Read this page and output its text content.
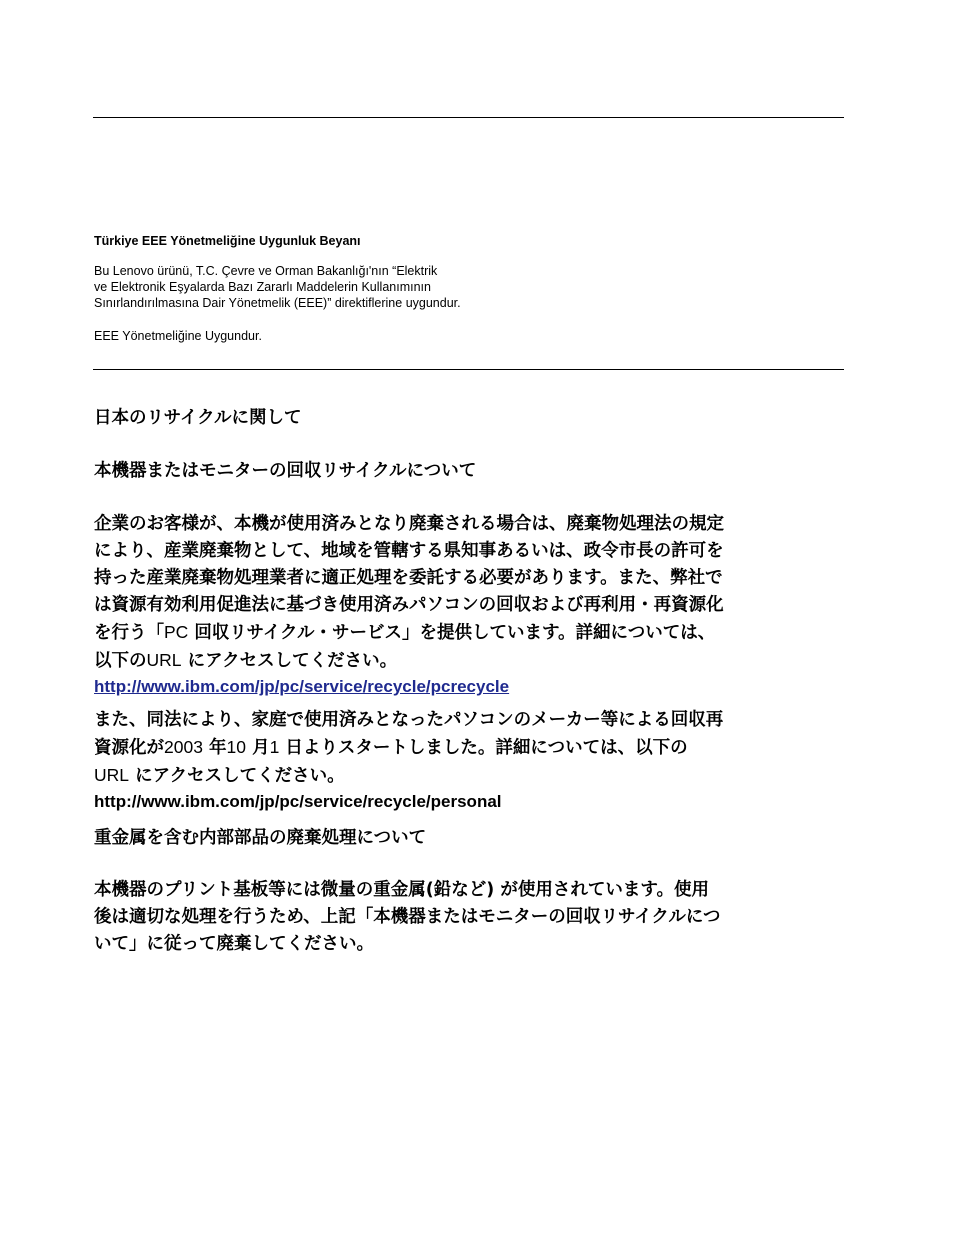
Türkiye EEE Yönetmeliğine Uygunluk Beyanı
Bu Lenovo ürünü, T.C. Çevre ve Orman Bakanlığı'nın “Elektrik
ve Elektronik Eşyalarda Bazı Zararlı Maddelerin Kullanımının
Sınırlandırılmasına Dair Yönetmelik (EEE)” direktiflerine uygundur.
EEE Yönetmeliğine Uygundur.
日本のリサイクルに関して
本機器またはモニターの回収リサイクルについて
企業のお客様が、本機が使用済みとなり廃棄される場合は、廃棄物処理法の規定
により、産業廃棄物として、地域を管轄する県知事あるいは、政令市長の許可を
持った産業廃棄物処理業者に適正処理を委託する必要があります。また、弊社で
は資源有効利用促進法に基づき使用済みパソコンの回収および再利用・再資源化
を行う「PC 回収リサイクル・サービス」を提供しています。詳細については、
以下のURL にアクセスしてください。
http://www.ibm.com/jp/pc/service/recycle/pcrecycle
また、同法により、家庭で使用済みとなったパソコンのメーカー等による回収再
資源化が2003 年10 月1 日よりスタートしました。詳細については、以下の
URL にアクセスしてください。
http://www.ibm.com/jp/pc/service/recycle/personal
重金属を含む内部部品の廃棄処理について
本機器のプリント基板等には微量の重金属(鉛など) が使用されています。使用
後は適切な処理を行うため、上記「本機器またはモニターの回収リサイクルにつ
いて」に従って廃棄してください。
